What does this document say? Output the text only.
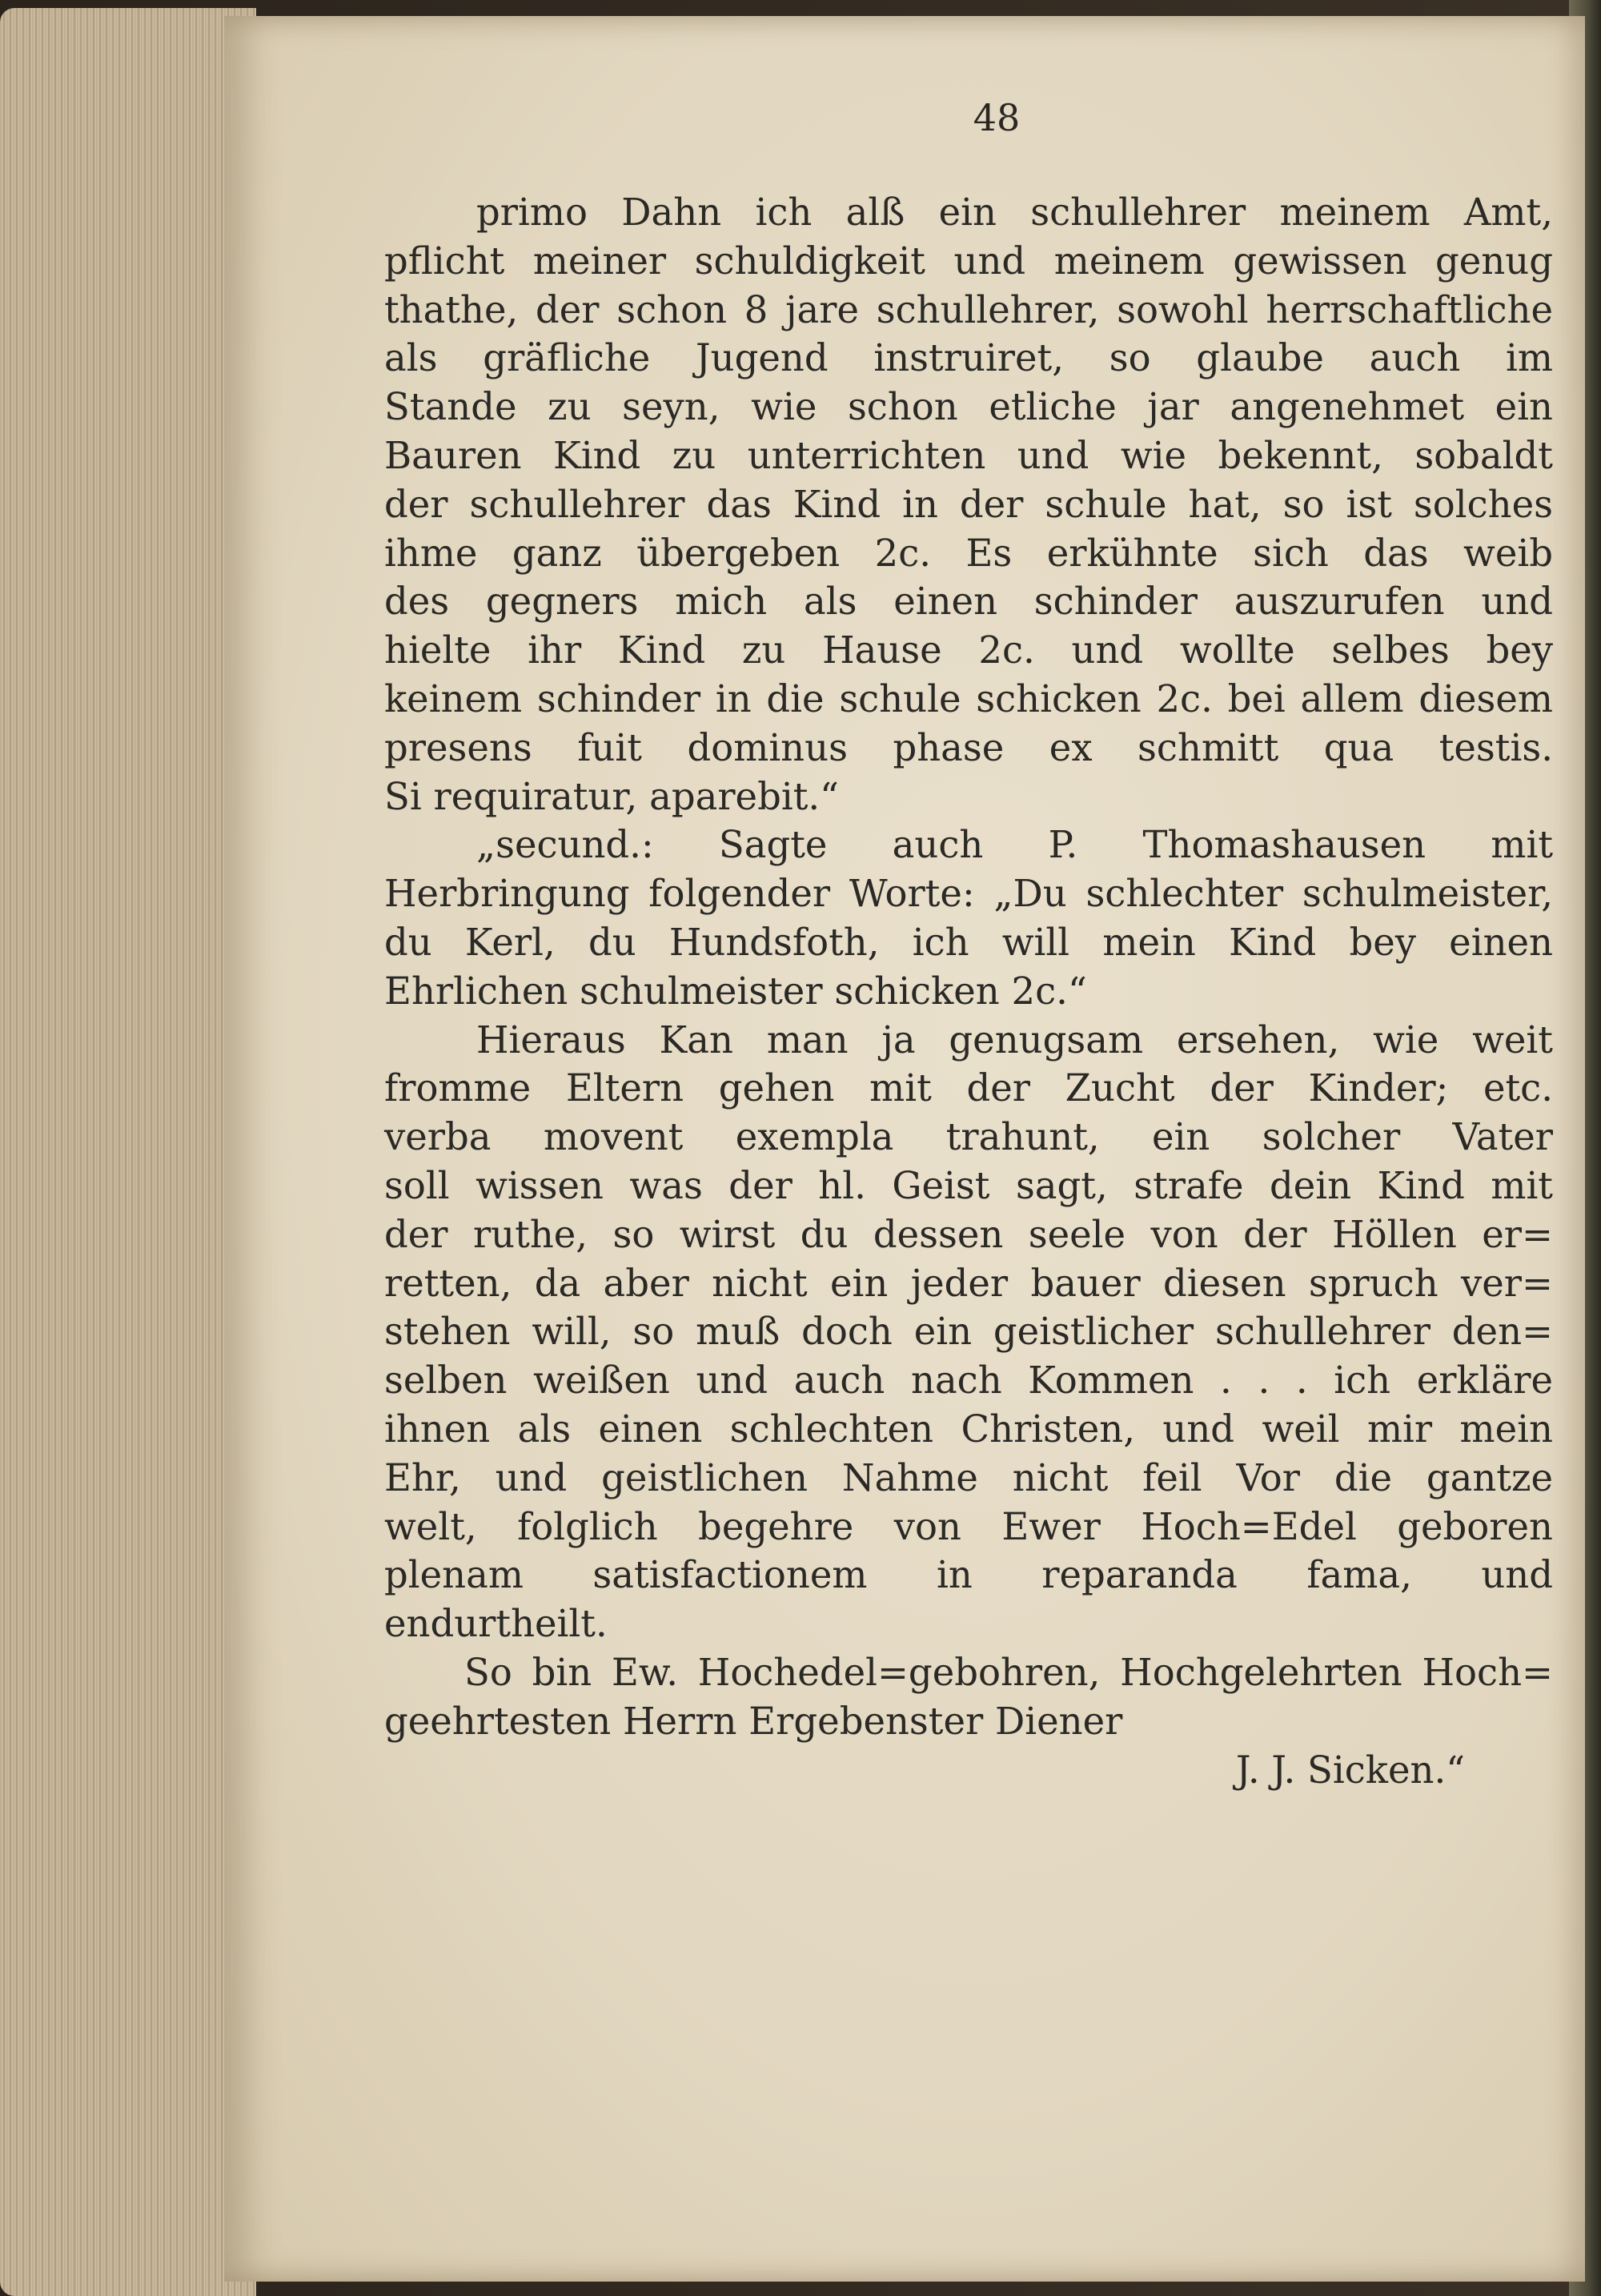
48
primo Dahn ich alß ein schullehrer meinem Amt,
pflicht meiner schuldigkeit und meinem gewissen genug
thathe, der schon 8 jare schullehrer, sowohl herrschaftliche
als gräfliche Jugend instruiret, so glaube auch im
Stande zu seyn, wie schon etliche jar angenehmet ein
Bauren Kind zu unterrichten und wie bekennt, sobaldt
der schullehrer das Kind in der schule hat, so ist solches
ihme ganz übergeben 2c. Es erkühnte sich das weib
des gegners mich als einen schinder auszurufen und
hielte ihr Kind zu Hause 2c. und wollte selbes bey
keinem schinder in die schule schicken 2c. bei allem diesem
presens fuit dominus phase ex schmitt qua testis.
Si requiratur, aparebit.“
„secund.: Sagte auch P. Thomashausen mit
Herbringung folgender Worte: „Du schlechter schulmeister,
du Kerl, du Hundsfoth, ich will mein Kind bey einen
Ehrlichen schulmeister schicken 2c.“
Hieraus Kan man ja genugsam ersehen, wie weit
fromme Eltern gehen mit der Zucht der Kinder; etc.
verba movent exempla trahunt, ein solcher Vater
soll wissen was der hl. Geist sagt, strafe dein Kind mit
der ruthe, so wirst du dessen seele von der Höllen er=
retten, da aber nicht ein jeder bauer diesen spruch ver=
stehen will, so muß doch ein geistlicher schullehrer den=
selben weißen und auch nach Kommen . . . ich erkläre
ihnen als einen schlechten Christen, und weil mir mein
Ehr, und geistlichen Nahme nicht feil Vor die gantze
welt, folglich begehre von Ewer Hoch=Edel geboren
plenam satisfactionem in reparanda fama, und
endurtheilt.
So bin Ew. Hochedel=gebohren, Hochgelehrten Hoch=
geehrtesten Herrn Ergebenster Diener
J. J. Sicken.“
